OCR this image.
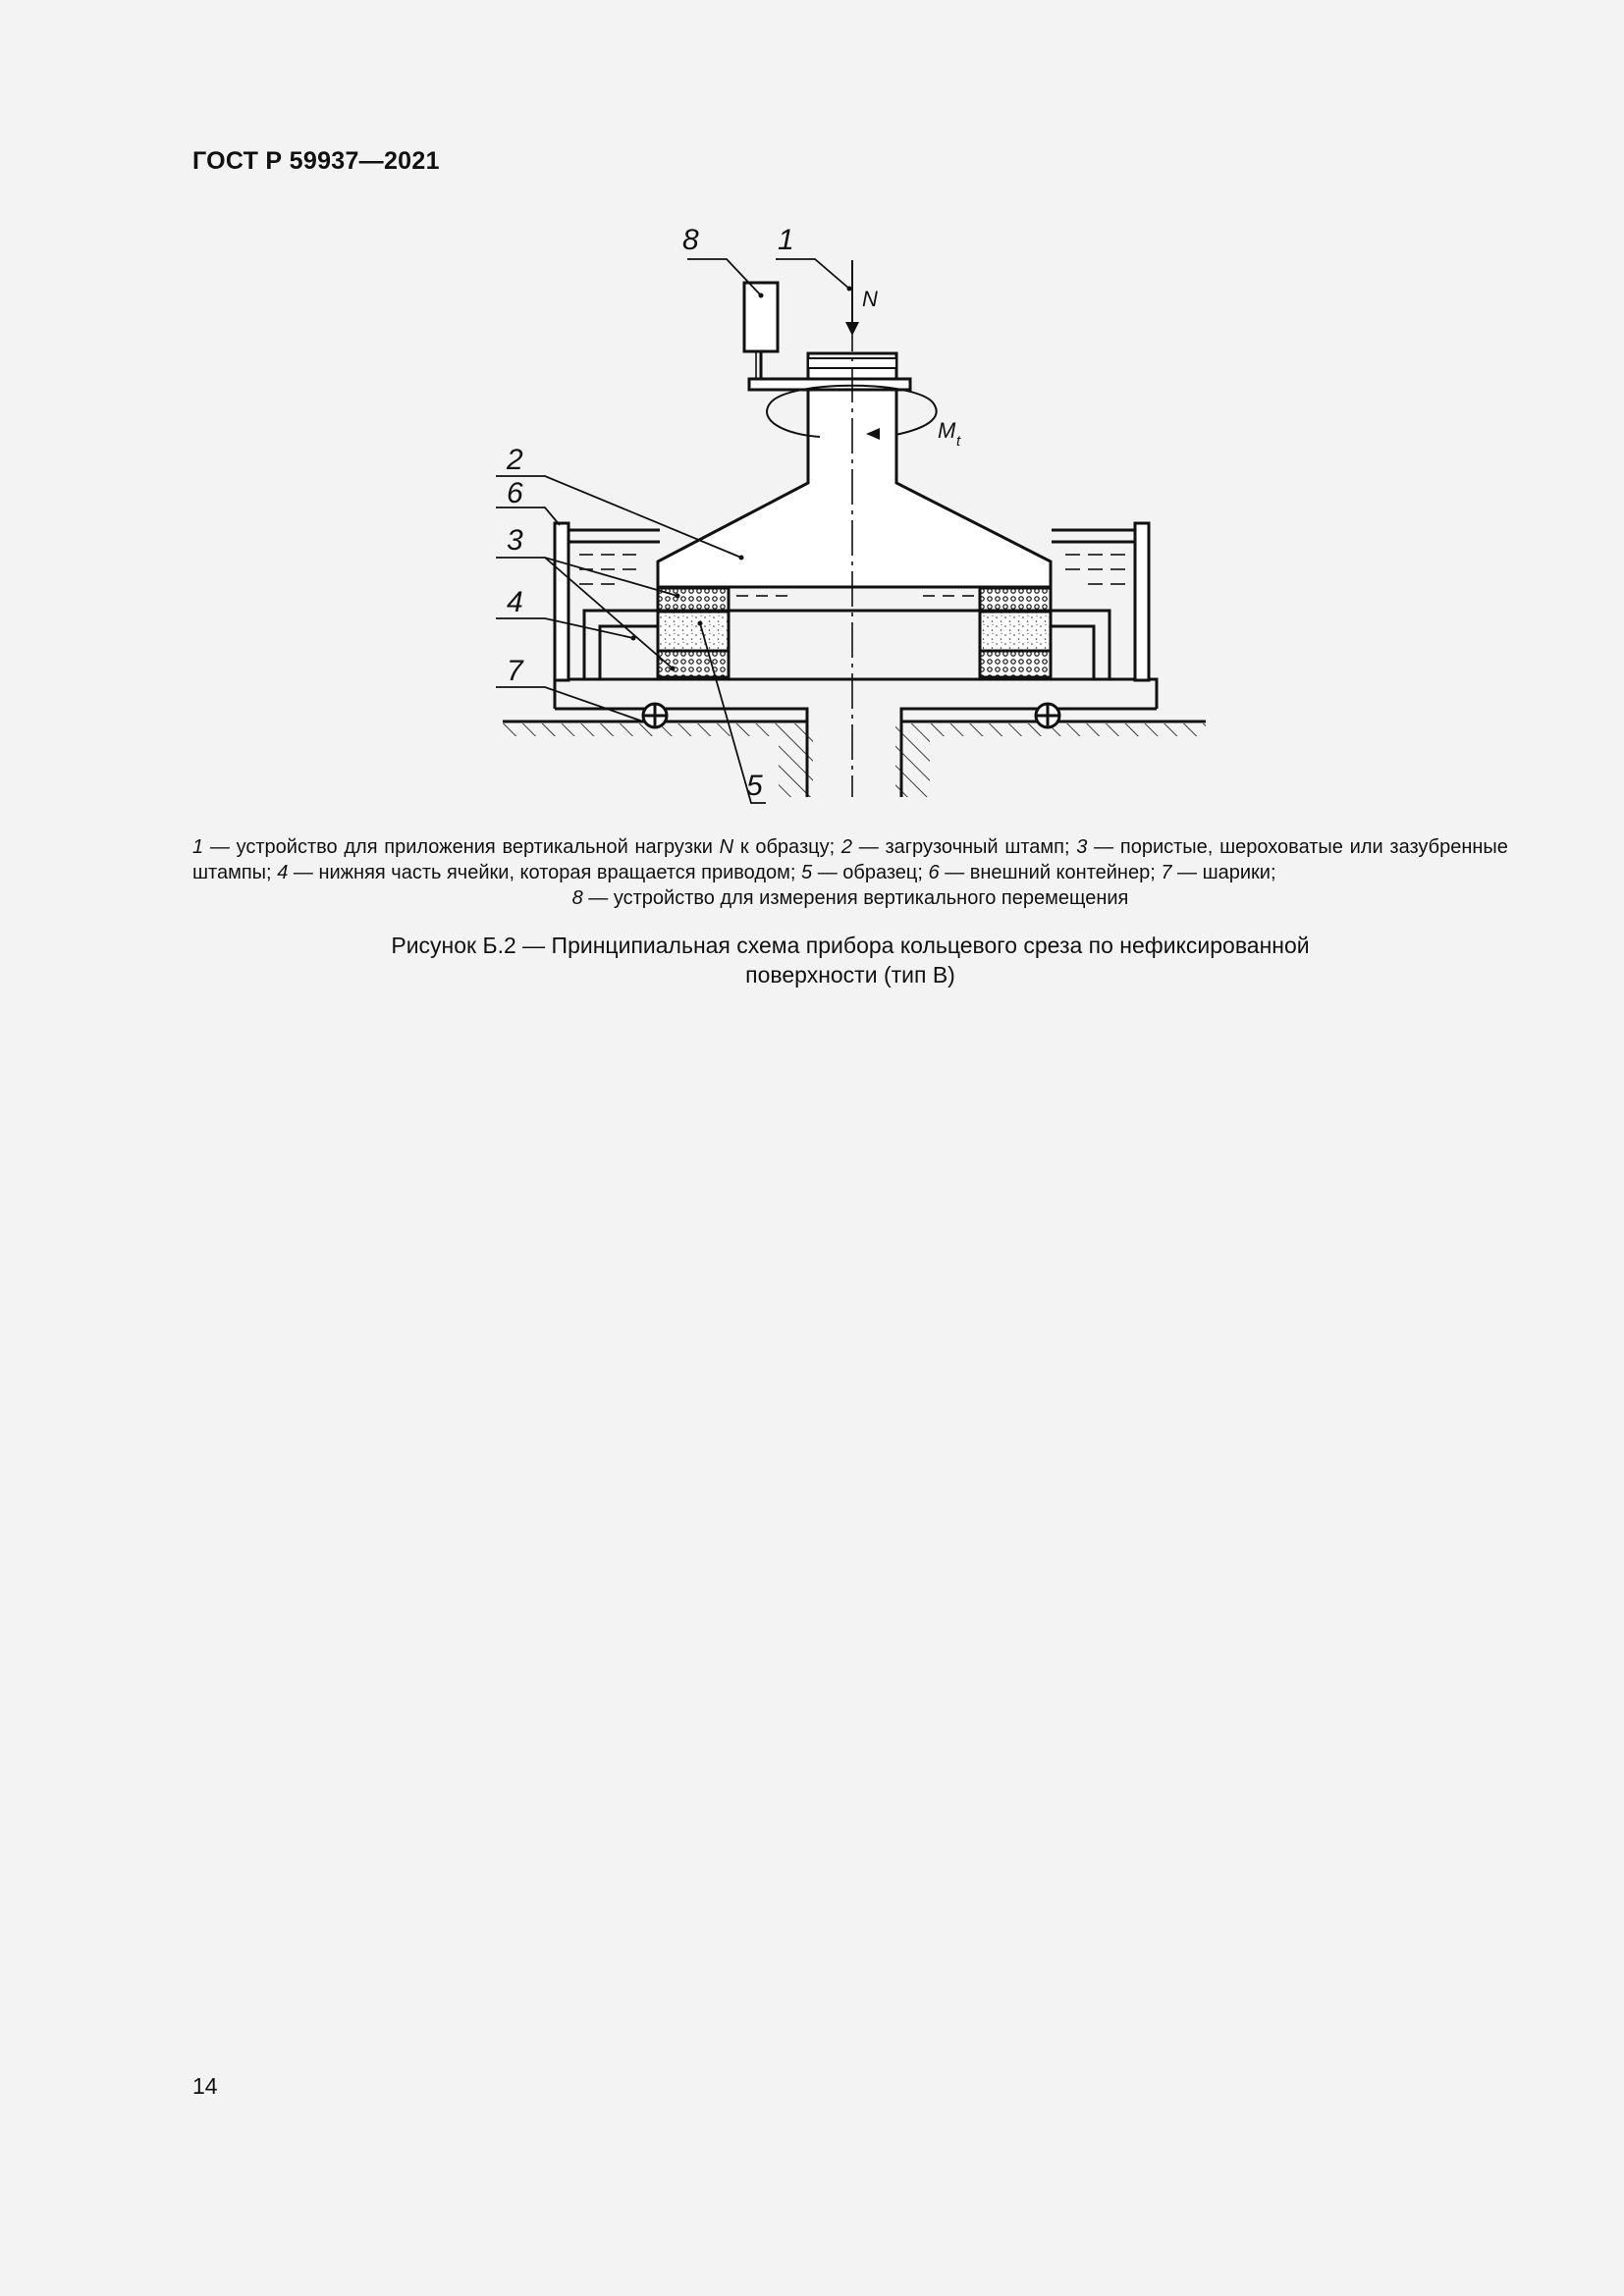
ГОСТ Р 59937—2021
8	1
2
6
3
4
7
5
N
M t
1 — устройство для приложения вертикальной нагрузки N к образцу; 2 — загрузочный штамп; 3 — пористые, шероховатые или зазубренные штампы; 4 — нижняя часть ячейки, которая вращается приводом; 5 — образец; 6 — внешний контейнер; 7 — шарики;
8 — устройство для измерения вертикального перемещения
Рисунок Б.2 — Принципиальная схема прибора кольцевого среза по нефиксированной
поверхности (тип В)
14
